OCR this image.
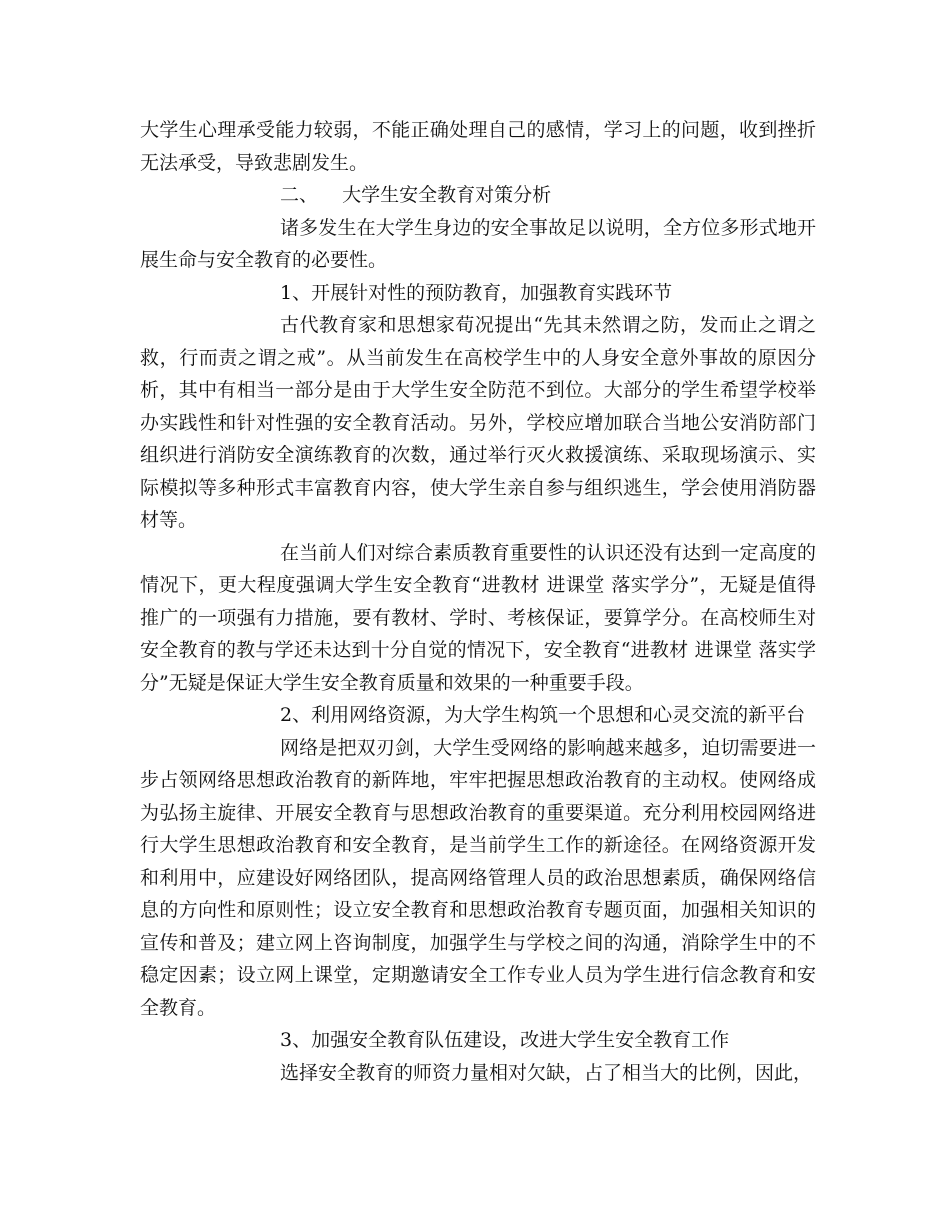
大学生心理承受能力较弱，不能正确处理自己的感情，学习上的问题，收到挫折无法承受，导致悲剧发生。

二、    大学生安全教育对策分析

诸多发生在大学生身边的安全事故足以说明，全方位多形式地开展生命与安全教育的必要性。

1、开展针对性的预防教育，加强教育实践环节

古代教育家和思想家荀况提出“先其未然谓之防，发而止之谓之救，行而责之谓之戒”。从当前发生在高校学生中的人身安全意外事故的原因分析，其中有相当一部分是由于大学生安全防范不到位。大部分的学生希望学校举办实践性和针对性强的安全教育活动。另外，学校应增加联合当地公安消防部门组织进行消防安全演练教育的次数，通过举行灭火救援演练、采取现场演示、实际模拟等多种形式丰富教育内容，使大学生亲自参与组织逃生，学会使用消防器材等。

在当前人们对综合素质教育重要性的认识还没有达到一定高度的情况下，更大程度强调大学生安全教育“进教材 进课堂 落实学分”，无疑是值得推广的一项强有力措施，要有教材、学时、考核保证，要算学分。在高校师生对安全教育的教与学还未达到十分自觉的情况下，安全教育“进教材 进课堂 落实学分”无疑是保证大学生安全教育质量和效果的一种重要手段。

2、利用网络资源，为大学生构筑一个思想和心灵交流的新平台

网络是把双刃剑，大学生受网络的影响越来越多，迫切需要进一步占领网络思想政治教育的新阵地，牢牢把握思想政治教育的主动权。使网络成为弘扬主旋律、开展安全教育与思想政治教育的重要渠道。充分利用校园网络进行大学生思想政治教育和安全教育，是当前学生工作的新途径。在网络资源开发和利用中，应建设好网络团队，提高网络管理人员的政治思想素质，确保网络信息的方向性和原则性；设立安全教育和思想政治教育专题页面，加强相关知识的宣传和普及；建立网上咨询制度，加强学生与学校之间的沟通，消除学生中的不稳定因素；设立网上课堂，定期邀请安全工作专业人员为学生进行信念教育和安全教育。

3、加强安全教育队伍建设，改进大学生安全教育工作

选择安全教育的师资力量相对欠缺，占了相当大的比例，因此，
